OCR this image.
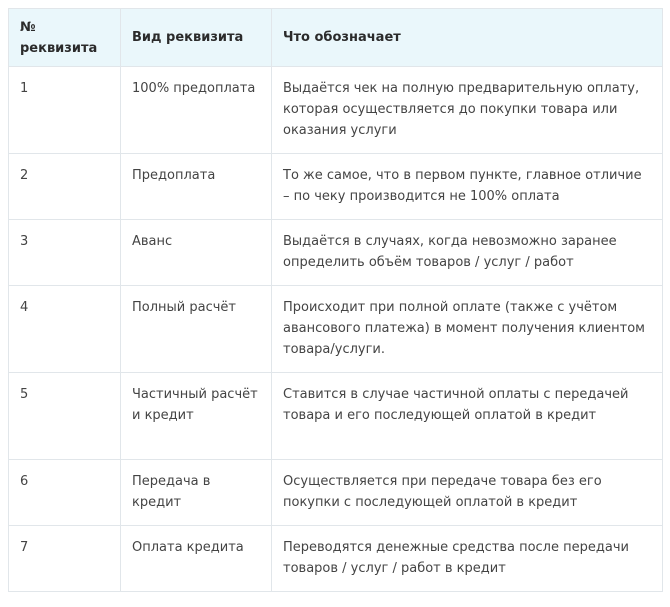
№ реквизита	Вид реквизита	Что обозначает
1	100% предоплата	Выдаётся чек на полную предварительную оплату, которая осуществляется до покупки товара или оказания услуги
2	Предоплата	То же самое, что в первом пункте, главное отличие – по чеку производится не 100% оплата
3	Аванс	Выдаётся в случаях, когда невозможно заранее определить объём товаров / услуг / работ
4	Полный расчёт	Происходит при полной оплате (также с учётом авансового платежа) в момент получения клиентом товара/услуги.
5	Частичный расчёт и кредит	Ставится в случае частичной оплаты с передачей товара и его последующей оплатой в кредит
6	Передача в кредит	Осуществляется при передаче товара без его покупки с последующей оплатой в кредит
7	Оплата кредита	Переводятся денежные средства после передачи товаров / услуг / работ в кредит
